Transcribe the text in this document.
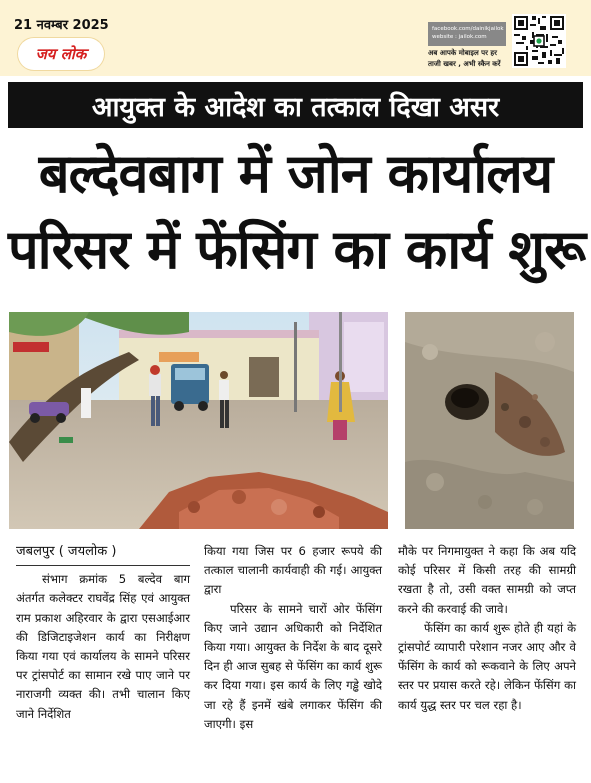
21 नवम्बर 2025
जय लोक
facebook.com/dainikjailok
website : jailok.com
अब आपके मोबाइल पर हर
ताजी खबर , अभी स्कैन करें
आयुक्त के आदेश का तत्काल दिखा असर
बल्देवबाग में जोन कार्यालय
परिसर में फेंसिंग का कार्य शुरू

जबलपुर ( जयलोक )

संभाग क्रमांक 5 बल्देव बाग अंतर्गत कलेक्टर राघवेंद्र सिंह एवं आयुक्त राम प्रकाश अहिरवार के द्वारा एसआईआर की डिजिटाइजेशन कार्य का निरीक्षण किया गया एवं कार्यालय के सामने परिसर पर ट्रांसपोर्ट का सामान रखे पाए जाने पर नाराजगी व्यक्त की। तभी चालान किए जाने निर्देशित

किया गया जिस पर 6 हजार रूपये की तत्काल चालानी कार्यवाही की गई। आयुक्त द्वारा

परिसर के सामने चारों ओर फेंसिंग किए जाने उद्यान अधिकारी को निर्देशित किया गया। आयुक्त के निर्देश के बाद दूसरे दिन ही आज सुबह से फेंसिंग का कार्य शुरू कर दिया गया। इस कार्य के लिए गड्ढे खोदे जा रहे हैं इनमें खंबे लगाकर फेंसिंग की जाएगी। इस

मौके पर निगमायुक्त ने कहा कि अब यदि कोई परिसर में किसी तरह की सामग्री रखता है तो, उसी वक्त सामग्री को जप्त करने की करवाई की जावे।

फेंसिंग का कार्य शुरू होते ही यहां के ट्रांसपोर्ट व्यापारी परेशान नजर आए और वे फेंसिंग के कार्य को रूकवाने के लिए अपने स्तर पर प्रयास करते रहे। लेकिन फेंसिंग का कार्य युद्ध स्तर पर चल रहा है।
